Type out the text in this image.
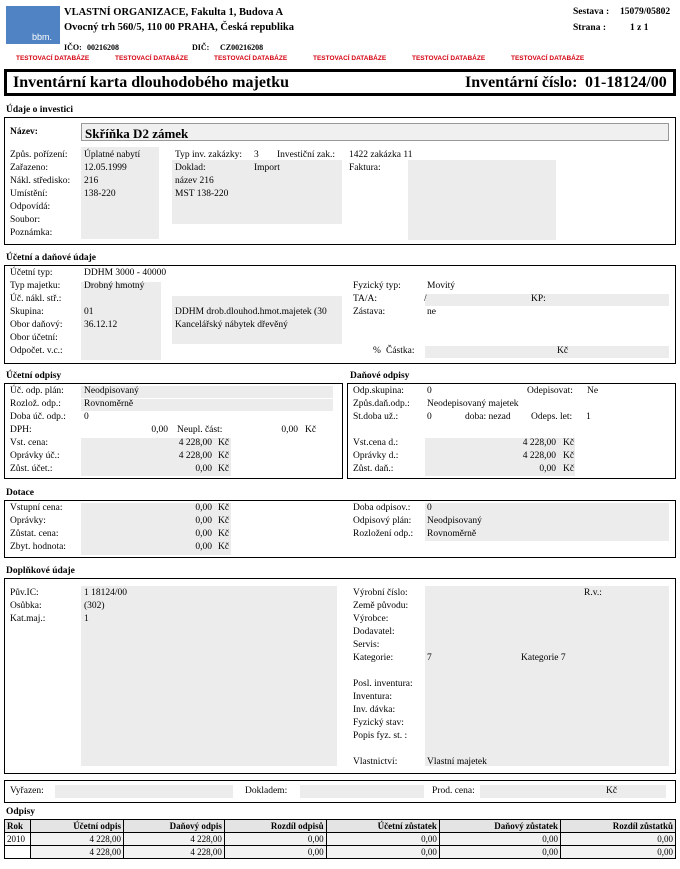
bbm.
VLASTNÍ ORGANIZACE, Fakulta 1, Budova A
Ovocný trh 560/5, 110 00 PRAHA, Česká republika
IČO: 00216208	DIČ: CZ00216208
Sestava : 15079/05802
Strana :	1 z 1
TESTOVACÍ DATABÁZE	TESTOVACÍ DATABÁZE	TESTOVACÍ DATABÁZE	TESTOVACÍ DATABÁZE	TESTOVACÍ DATABÁZE	TESTOVACÍ DATABÁZE
Inventární karta dlouhodobého majetku	Inventární číslo: 01-18124/00
Údaje o investici
Název:	Skříňka D2 zámek
Způs. pořízení: Úplatné nabytí
Zařazeno:	12.05.1999
Nákl. středisko: 216
Umístění:	138-220
Odpovídá:
Soubor:
Poznámka:
Typ inv. zakázky: 3
Doklad:	Import
název 216
MST 138-220
Investiční zak.: 1422 zakázka 11
Faktura:
Účetní a daňové údaje
Účetní typ:	DDHM 3000 - 40000
Typ majetku: Drobný hmotný
Úč. nákl. stř.:
Skupina:	01	DDHM drob.dlouhod.hmot.majetek (30
Obor daňový: 36.12.12	Kancelářský nábytek dřevěný
Obor účetní:
Odpočet. v.c.:
Fyzický typ:	Movitý
TA/A:	/	KP:
Zástava:	ne
% Částka:	Kč
Účetní odpisy
Úč. odp. plán: Neodpisovaný
Rozlož. odp.: Rovnoměrně
Doba úč. odp.: 0
DPH:	0,00 Neupl. část:	0,00 Kč
Vst. cena:	4 228,00 Kč
Oprávky úč.:	4 228,00 Kč
Zůst. účet.:	0,00 Kč
Daňové odpisy
Odp.skupina: 0	Odepisovat: Ne
Způs.daň.odp.: Neodepisovaný majetek
St.doba už.:	0	doba: nezad Odeps. let: 1
Vst.cena d.:	4 228,00 Kč
Oprávky d.:	4 228,00 Kč
Zůst. daň.:	0,00 Kč
Dotace
Vstupní cena:	0,00 Kč
Oprávky:	0,00 Kč
Zůstat. cena:	0,00 Kč
Zbyt. hodnota:	0,00 Kč
Doba odpisov.: 0
Odpisový plán: Neodpisovaný
Rozložení odp.: Rovnoměrně
Doplňkové údaje
Pův.IC:	1 18124/00
Osůbka:	(302)
Kat.maj.:	1
Výrobní číslo:	R.v.:
Země původu:
Výrobce:
Dodavatel:
Servis:
Kategorie:	7	Kategorie 7
Posl. inventura:
Inventura:
Inv. dávka:
Fyzický stav:
Popis fyz. st. :
Vlastnictví:	Vlastní majetek
Vyřazen:	Dokladem:	Prod. cena:	Kč
Odpisy
Rok	Účetní odpis	Daňový odpis	Rozdíl odpisů	Účetní zůstatek	Daňový zůstatek	Rozdíl zůstatků
2010	4 228,00	4 228,00	0,00	0,00	0,00	0,00
	4 228,00	4 228,00	0,00	0,00	0,00	0,00
